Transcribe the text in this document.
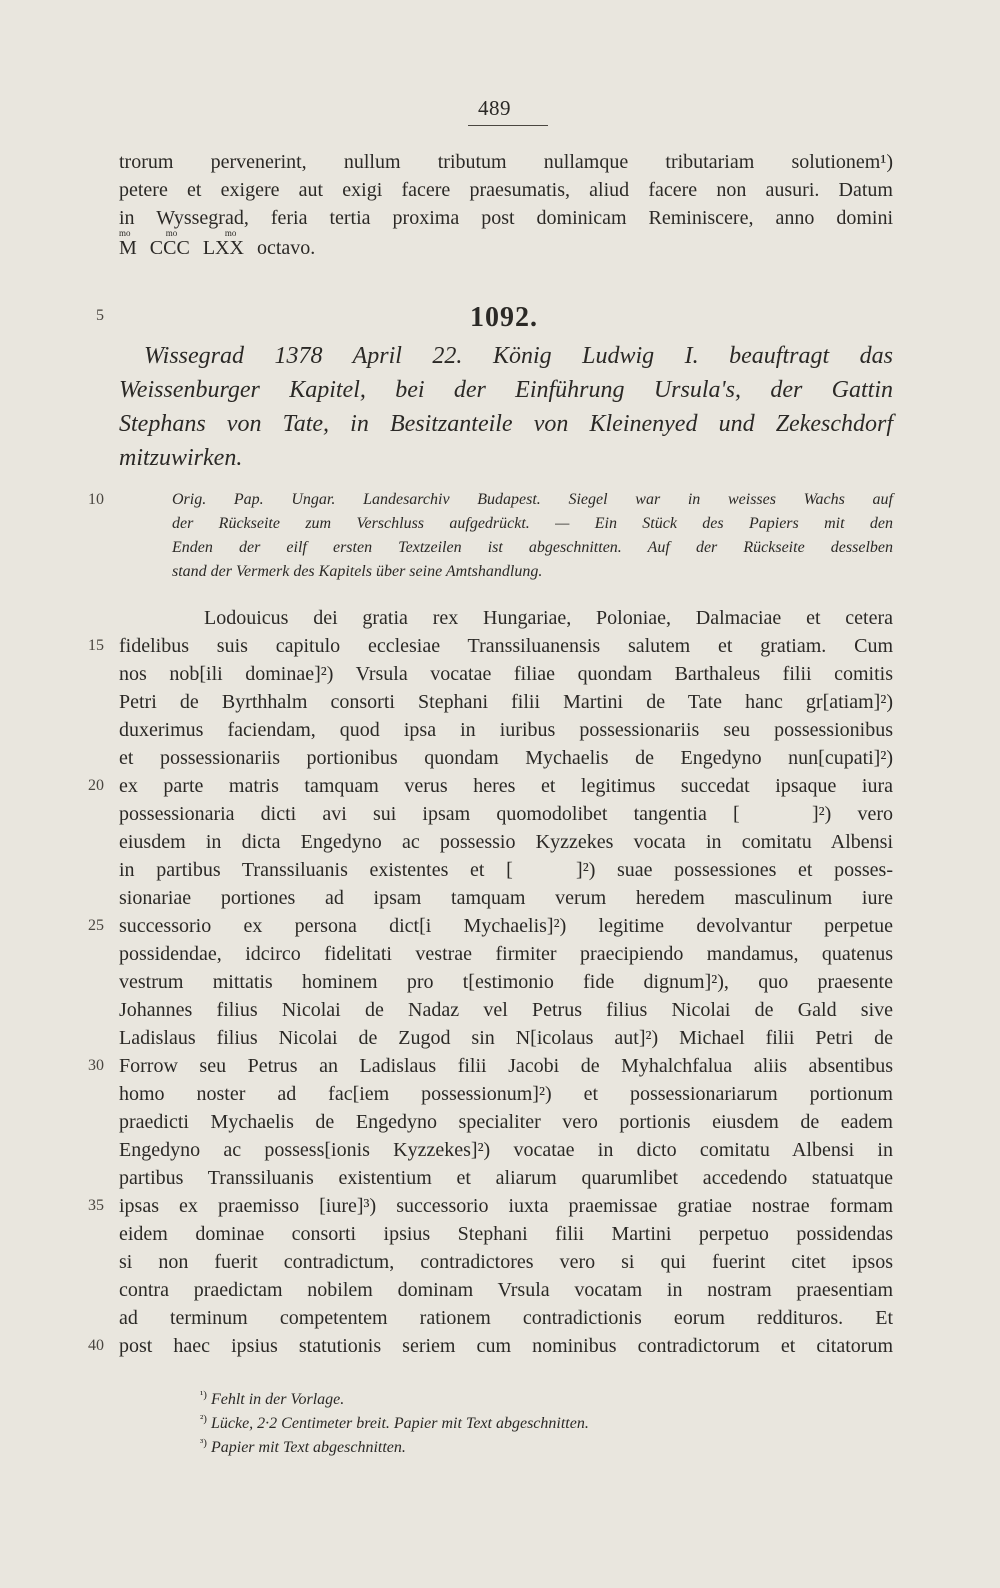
489
trorum pervenerint, nullum tributum nullamque tributariam solutionem¹)
petere et exigere aut exigi facere praesumatis, aliud facere non ausuri. Datum
in Wyssegrad, feria tertia proxima post dominicam Reminiscere, anno domini
mo
M
mo
CCC
mo
LXX octavo.
5	1092.
Wissegrad 1378 April 22. König Ludwig I. beauftragt das
Weissenburger Kapitel, bei der Einführung Ursula's, der Gattin
Stephans von Tate, in Besitzanteile von Kleinenyed und Zekeschdorf
mitzuwirken.
10	Orig. Pap. Ungar. Landesarchiv Budapest. Siegel war in weisses Wachs auf
der Rückseite zum Verschluss aufgedrückt. — Ein Stück des Papiers mit den
Enden der eilf ersten Textzeilen ist abgeschnitten. Auf der Rückseite desselben
stand der Vermerk des Kapitels über seine Amtshandlung.
Lodouicus dei gratia rex Hungariae, Poloniae, Dalmaciae et cetera
15 fidelibus suis capitulo ecclesiae Transsiluanensis salutem et gratiam. Cum
nos nob[ili dominae]²) Vrsula vocatae filiae quondam Barthaleus filii comitis
Petri de Byrthhalm consorti Stephani filii Martini de Tate hanc gr[atiam]²)
duxerimus faciendam, quod ipsa in iuribus possessionariis seu possessionibus
et possessionariis portionibus quondam Mychaelis de Engedyno nun[cupati]²)
20 ex parte matris tamquam verus heres et legitimus succedat ipsaque iura
possessionaria dicti avi sui ipsam quomodolibet tangentia [   ]²) vero
eiusdem in dicta Engedyno ac possessio Kyzzekes vocata in comitatu Albensi
in partibus Transsiluanis existentes et [   ]²) suae possessiones et posses-
sionariae portiones ad ipsam tamquam verum heredem masculinum iure
25 successorio ex persona dict[i Mychaelis]²) legitime devolvantur perpetue
possidendae, idcirco fidelitati vestrae firmiter praecipiendo mandamus, quatenus
vestrum mittatis hominem pro t[estimonio fide dignum]²), quo praesente
Johannes filius Nicolai de Nadaz vel Petrus filius Nicolai de Gald sive
Ladislaus filius Nicolai de Zugod sin N[icolaus aut]²) Michael filii Petri de
30 Forrow seu Petrus an Ladislaus filii Jacobi de Myhalchfalua aliis absentibus
homo noster ad fac[iem possessionum]²) et possessionariarum portionum
praedicti Mychaelis de Engedyno specialiter vero portionis eiusdem de eadem
Engedyno ac possess[ionis Kyzzekes]²) vocatae in dicto comitatu Albensi in
partibus Transsiluanis existentium et aliarum quarumlibet accedendo statuatque
35 ipsas ex praemisso [iure]³) successorio iuxta praemissae gratiae nostrae formam
eidem dominae consorti ipsius Stephani filii Martini perpetuo possidendas
si non fuerit contradictum, contradictores vero si qui fuerint citet ipsos
contra praedictam nobilem dominam Vrsula vocatam in nostram praesentiam
ad terminum competentem rationem contradictionis eorum reddituros. Et
40 post haec ipsius statutionis seriem cum nominibus contradictorum et citatorum
$^{^1)}$ Fehlt in der Vorlage.
$^{^2)}$ Lücke, 2·2 Centimeter breit. Papier mit Text abgeschnitten.
$^{^3)}$ Papier mit Text abgeschnitten.
